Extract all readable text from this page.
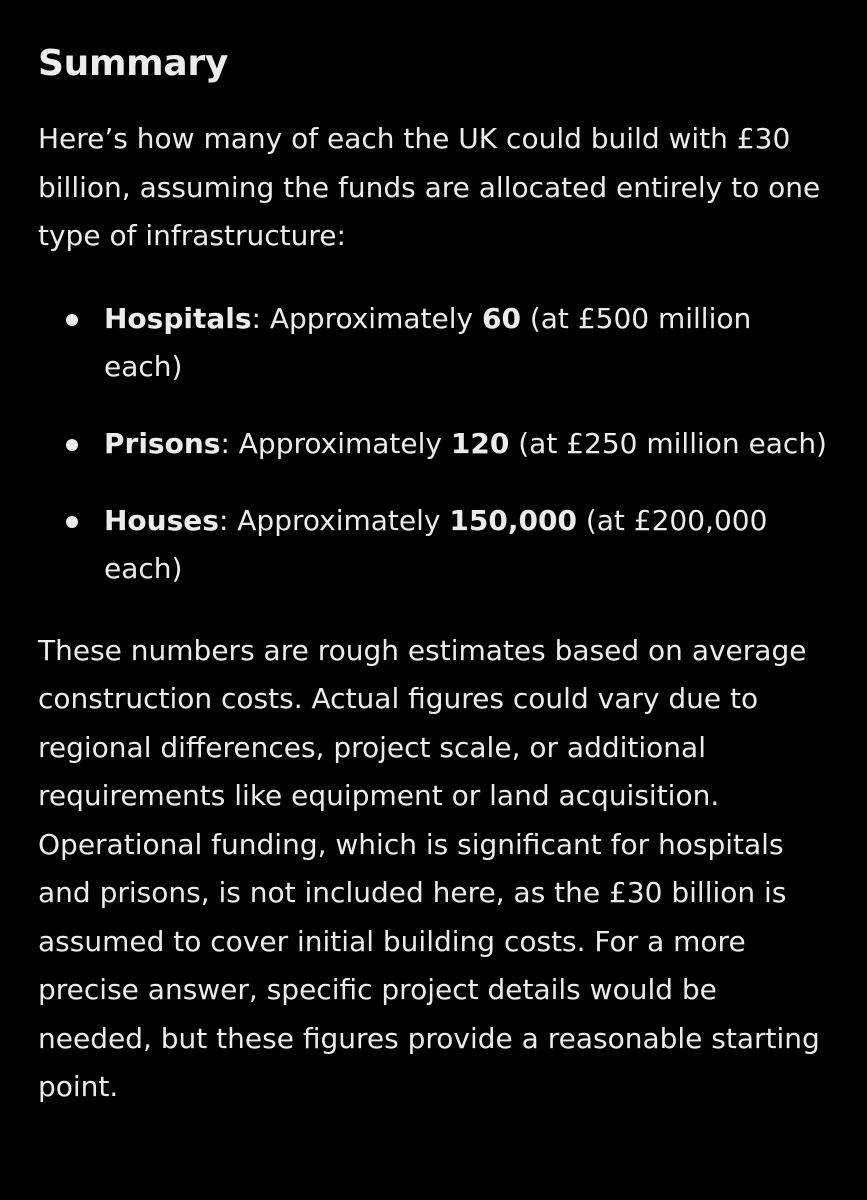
Summary

Here’s how many of each the UK could build with £30 billion, assuming the funds are allocated entirely to one type of infrastructure:

Hospitals: Approximately 60 (at £500 million each)
Prisons: Approximately 120 (at £250 million each)
Houses: Approximately 150,000 (at £200,000 each)

These numbers are rough estimates based on average construction costs. Actual figures could vary due to regional differences, project scale, or additional requirements like equipment or land acquisition. Operational funding, which is significant for hospitals and prisons, is not included here, as the £30 billion is assumed to cover initial building costs. For a more precise answer, specific project details would be needed, but these figures provide a reasonable starting point.
